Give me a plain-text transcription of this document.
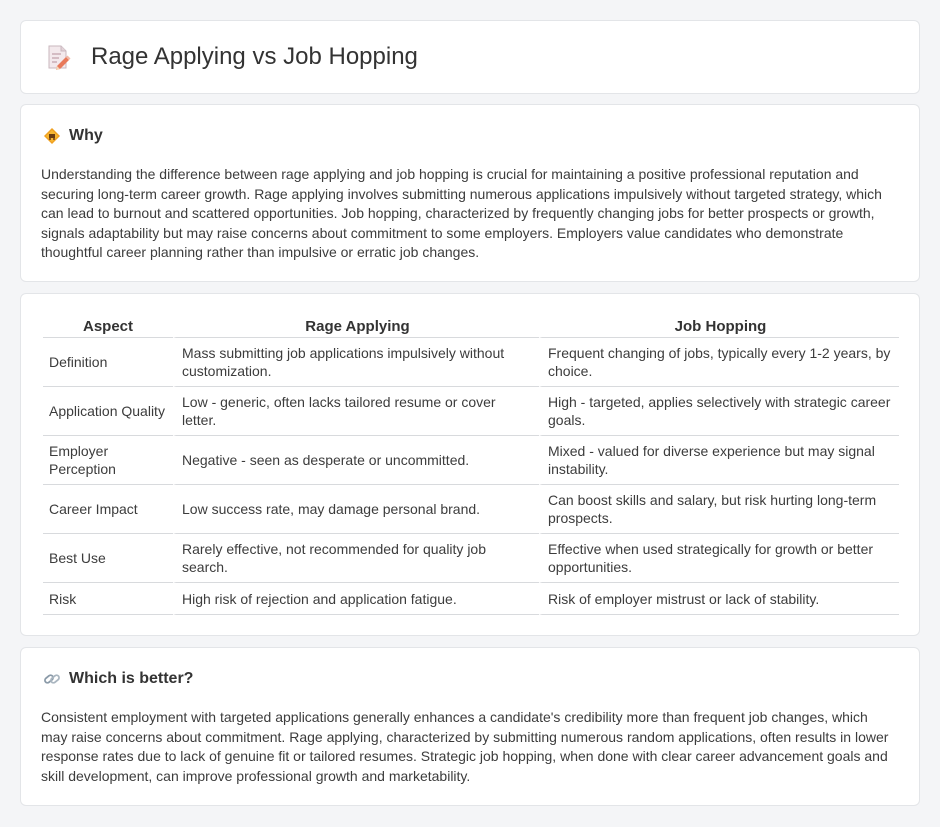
Rage Applying vs Job Hopping
Why

Understanding the difference between rage applying and job hopping is crucial for maintaining a positive professional reputation and securing long-term career growth. Rage applying involves submitting numerous applications impulsively without targeted strategy, which can lead to burnout and scattered opportunities. Job hopping, characterized by frequently changing jobs for better prospects or growth, signals adaptability but may raise concerns about commitment to some employers. Employers value candidates who demonstrate thoughtful career planning rather than impulsive or erratic job changes.

Aspect	Rage Applying	Job Hopping
Definition	Mass submitting job applications impulsively without customization.	Frequent changing of jobs, typically every 1-2 years, by choice.
Application Quality	Low - generic, often lacks tailored resume or cover letter.	High - targeted, applies selectively with strategic career goals.
Employer Perception	Negative - seen as desperate or uncommitted.	Mixed - valued for diverse experience but may signal instability.
Career Impact	Low success rate, may damage personal brand.	Can boost skills and salary, but risk hurting long-term prospects.
Best Use	Rarely effective, not recommended for quality job search.	Effective when used strategically for growth or better opportunities.
Risk	High risk of rejection and application fatigue.	Risk of employer mistrust or lack of stability.
Which is better?

Consistent employment with targeted applications generally enhances a candidate's credibility more than frequent job changes, which may raise concerns about commitment. Rage applying, characterized by submitting numerous random applications, often results in lower response rates due to lack of genuine fit or tailored resumes. Strategic job hopping, when done with clear career advancement goals and skill development, can improve professional growth and marketability.
